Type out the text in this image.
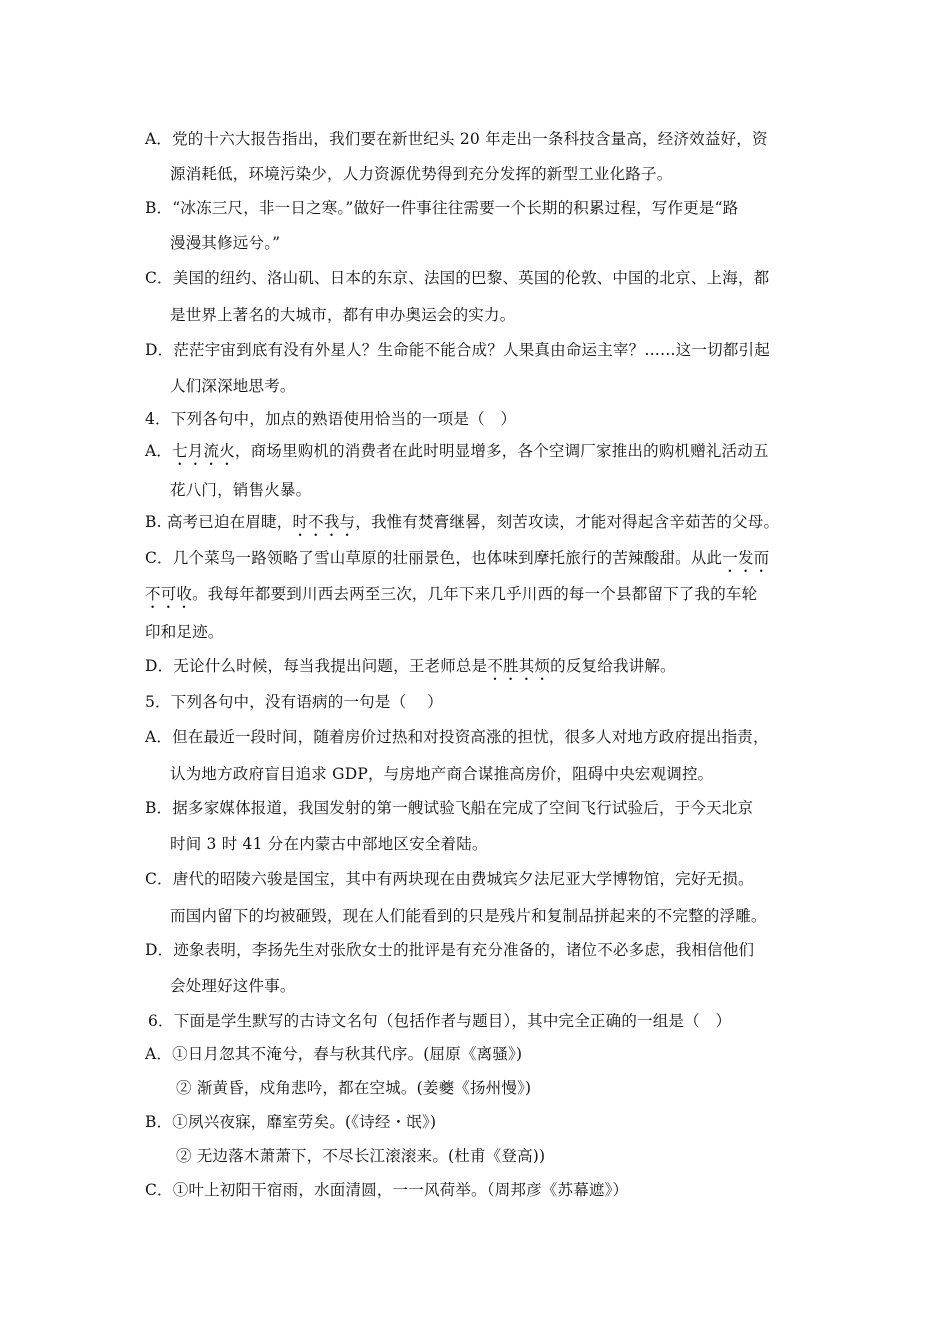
A．党的十六大报告指出，我们要在新世纪头 20 年走出一条科技含量高，经济效益好，资
源消耗低，环境污染少，人力资源优势得到充分发挥的新型工业化路子。
B．“冰冻三尺，非一日之寒。”做好一件事往往需要一个长期的积累过程，写作更是“路
漫漫其修远兮。”
C．美国的纽约、洛山矶、日本的东京、法国的巴黎、英国的伦敦、中国的北京、上海，都
是世界上著名的大城市，都有申办奥运会的实力。
D．茫茫宇宙到底有没有外星人？生命能不能合成？人果真由命运主宰？……这一切都引起
人们深深地思考。
4．下列各句中，加点的熟语使用恰当的一项是（　）
A．七月流火，商场里购机的消费者在此时明显增多，各个空调厂家推出的购机赠礼活动五
花八门，销售火暴。
B. 高考已迫在眉睫，时不我与，我惟有焚膏继晷，刻苦攻读，才能对得起含辛茹苦的父母。
C．几个菜鸟一路领略了雪山草原的壮丽景色，也体味到摩托旅行的苦辣酸甜。从此一发而
不可收。我每年都要到川西去两至三次，几年下来几乎川西的每一个县都留下了我的车轮
印和足迹。
D．无论什么时候，每当我提出问题，王老师总是不胜其烦的反复给我讲解。
5．下列各句中，没有语病的一句是（　 ）
A．但在最近一段时间，随着房价过热和对投资高涨的担忧，很多人对地方政府提出指责，
认为地方政府盲目追求 GDP，与房地产商合谋推高房价，阻碍中央宏观调控。
B．据多家媒体报道，我国发射的第一艘试验飞船在完成了空间飞行试验后，于今天北京
时间 3 时 41 分在内蒙古中部地区安全着陆。
C．唐代的昭陵六骏是国宝，其中有两块现在由费城宾夕法尼亚大学博物馆，完好无损。
而国内留下的均被砸毁，现在人们能看到的只是残片和复制品拼起来的不完整的浮雕。
D．迹象表明，李扬先生对张欣女士的批评是有充分准备的，诸位不必多虑，我相信他们
会处理好这件事。
6．下面是学生默写的古诗文名句（包括作者与题目），其中完全正确的一组是（　）
A．①日月忽其不淹兮，春与秋其代序。(屈原《离骚》)
② 渐黄昏，戍角悲吟，都在空城。(姜夔《扬州慢》)
B．①夙兴夜寐，靡室劳矣。(《诗经・氓》)
② 无边落木萧萧下，不尽长江滚滚来。(杜甫《登高))
C．①叶上初阳干宿雨，水面清圆，一一风荷举。（周邦彦《苏幕遮》）
